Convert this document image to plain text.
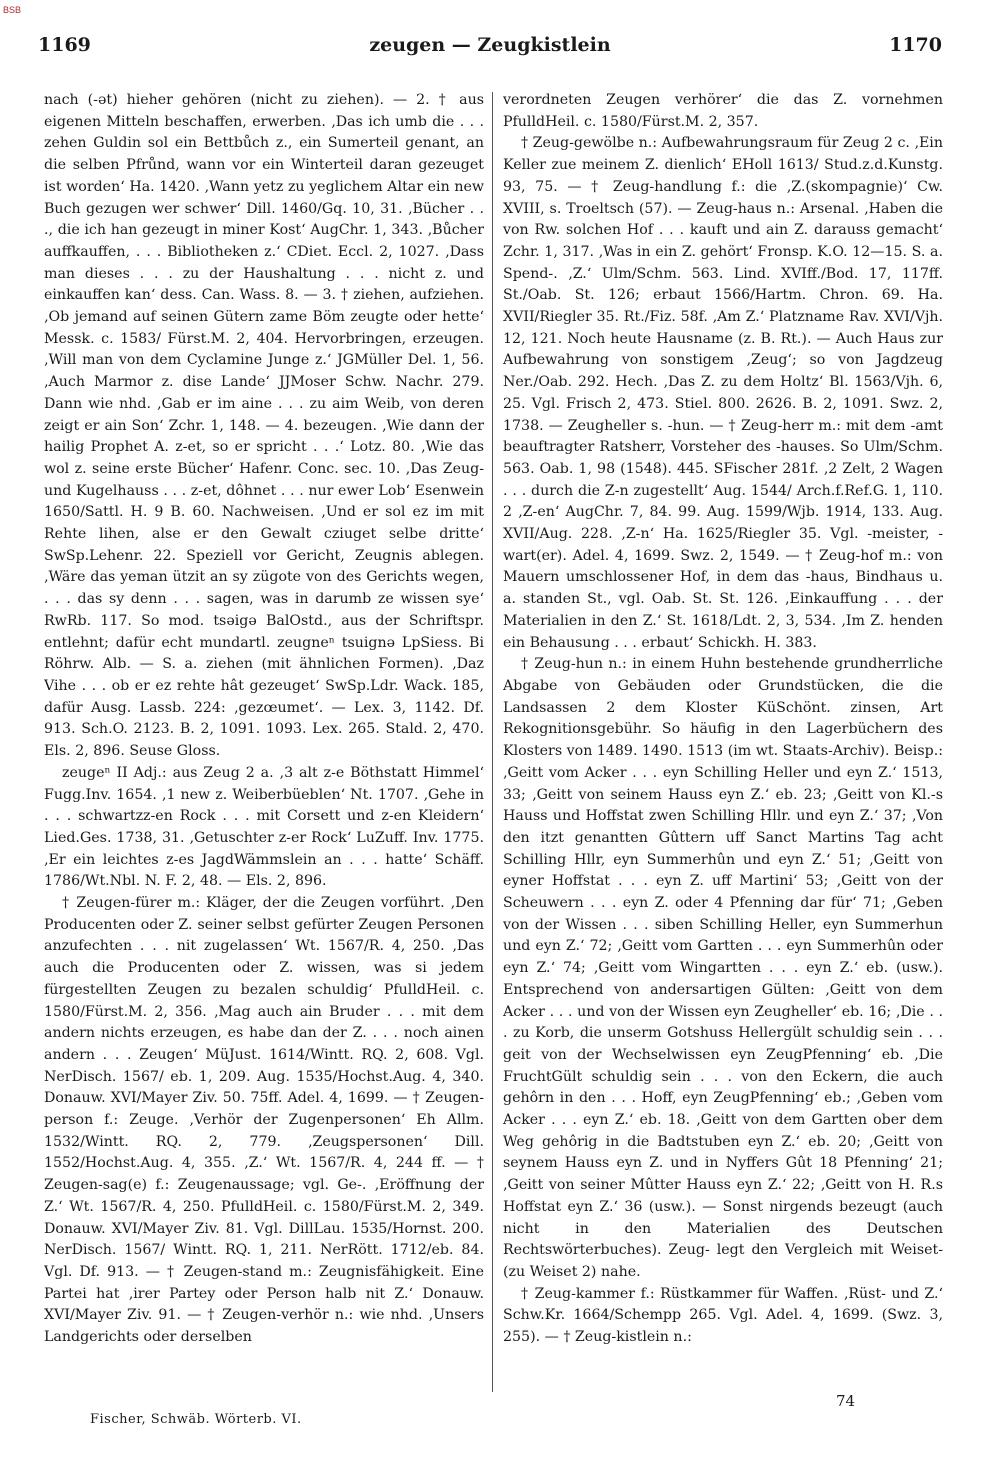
BSB
1169	zeugen — Zeugkistlein	1170

nach (-ǝt) hieher gehören (nicht zu ziehen). — 2. † aus eigenen Mitteln beschaffen, erwerben. ‚Das ich umb die . . . zehen Guldin sol ein Bettbůch z., ein Sumerteil genant, an die selben Pfrůnd, wann vor ein Winterteil daran gezeuget ist worden‘ Ha. 1420. ‚Wann yetz zu yeglichem Altar ein new Buch gezugen wer schwer‘ Dill. 1460/Gq. 10, 31. ‚Bücher . . ., die ich han gezeugt in miner Kost‘ AugChr. 1, 343. ‚Bůcher auffkauffen, . . . Bibliotheken z.‘ CDiet. Eccl. 2, 1027. ‚Dass man dieses . . . zu der Haushaltung . . . nicht z. und einkauffen kan‘ dess. Can. Wass. 8. — 3. † ziehen, aufziehen. ‚Ob jemand auf seinen Gütern zame Böm zeugte oder hette‘ Messk. c. 1583/ Fürst.M. 2, 404. Hervorbringen, erzeugen. ‚Will man von dem Cyclamine Junge z.‘ JGMüller Del. 1, 56. ‚Auch Marmor z. dise Lande‘ JJMoser Schw. Nachr. 279. Dann wie nhd. ‚Gab er im aine . . . zu aim Weib, von deren zeigt er ain Son‘ Zchr. 1, 148. — 4. bezeugen. ‚Wie dann der hailig Prophet A. z-et, so er spricht . . .‘ Lotz. 80. ‚Wie das wol z. seine erste Bücher‘ Hafenr. Conc. sec. 10. ‚Das Zeug- und Kugelhauss . . . z-et, dôhnet . . . nur ewer Lob‘ Esenwein 1650/Sattl. H. 9 B. 60. Nachweisen. ‚Und er sol ez im mit Rehte lihen, alse er den Gewalt cziuget selbe dritte‘ SwSp.Lehenr. 22. Speziell vor Gericht, Zeugnis ablegen. ‚Wäre das yeman ützit an sy zügote von des Gerichts wegen, . . . das sy denn . . . sagen, was in darumb ze wissen sye‘ RwRb. 117. So mod. tsəigə BalOstd., aus der Schriftspr. entlehnt; dafür echt mundartl. zeugneⁿ tsuignə LpSiess. Bi Röhrw. Alb. — S. a. ziehen (mit ähnlichen Formen). ‚Daz Vihe . . . ob er ez rehte hât gezeuget‘ SwSp.Ldr. Wack. 185, dafür Ausg. Lassb. 224: ‚gezœumet‘. — Lex. 3, 1142. Df. 913. Sch.O. 2123. B. 2, 1091. 1093. Lex. 265. Stald. 2, 470. Els. 2, 896. Seuse Gloss.

zeugeⁿ II Adj.: aus Zeug 2 a. ‚3 alt z-e Böthstatt Himmel‘ Fugg.Inv. 1654. ‚1 new z. Weiberbüeblen‘ Nt. 1707. ‚Gehe in . . . schwartzz-en Rock . . . mit Corsett und z-en Kleidern‘ Lied.Ges. 1738, 31. ‚Getuschter z-er Rock‘ LuZuff. Inv. 1775. ‚Er ein leichtes z-es JagdWämmslein an . . . hatte‘ Schäff. 1786/Wt.Nbl. N. F. 2, 48. — Els. 2, 896.

† Zeugen-fürer m.: Kläger, der die Zeugen vorführt. ‚Den Producenten oder Z. seiner selbst gefürter Zeugen Personen anzufechten . . . nit zugelassen‘ Wt. 1567/R. 4, 250. ‚Das auch die Producenten oder Z. wissen, was si jedem fürgestellten Zeugen zu bezalen schuldig‘ PfulldHeil. c. 1580/Fürst.M. 2, 356. ‚Mag auch ain Bruder . . . mit dem andern nichts erzeugen, es habe dan der Z. . . . noch ainen andern . . . Zeugen‘ MüJust. 1614/Wintt. RQ. 2, 608. Vgl. NerDisch. 1567/ eb. 1, 209. Aug. 1535/Hochst.Aug. 4, 340. Donauw. XVI/Mayer Ziv. 50. 75ff. Adel. 4, 1699. — † Zeugen-person f.: Zeuge. ‚Verhör der Zugenpersonen‘ Eh Allm. 1532/Wintt. RQ. 2, 779. ‚Zeugspersonen‘ Dill. 1552/Hochst.Aug. 4, 355. ‚Z.‘ Wt. 1567/R. 4, 244 ff. — † Zeugen-sag(e) f.: Zeugenaussage; vgl. Ge-. ‚Eröffnung der Z.‘ Wt. 1567/R. 4, 250. PfulldHeil. c. 1580/Fürst.M. 2, 349. Donauw. XVI/Mayer Ziv. 81. Vgl. DillLau. 1535/Hornst. 200. NerDisch. 1567/ Wintt. RQ. 1, 211. NerRött. 1712/eb. 84. Vgl. Df. 913. — † Zeugen-stand m.: Zeugnisfähigkeit. Eine Partei hat ‚irer Partey oder Person halb nit Z.‘ Donauw. XVI/Mayer Ziv. 91. — † Zeugen-verhör n.: wie nhd. ‚Unsers Landgerichts oder derselben

verordneten Zeugen verhörer‘ die das Z. vornehmen PfulldHeil. c. 1580/Fürst.M. 2, 357.

† Zeug-gewölbe n.: Aufbewahrungsraum für Zeug 2 c. ‚Ein Keller zue meinem Z. dienlich‘ EHoll 1613/ Stud.z.d.Kunstg. 93, 75. — † Zeug-handlung f.: die ‚Z.(skompagnie)‘ Cw. XVIII, s. Troeltsch (57). — Zeug-haus n.: Arsenal. ‚Haben die von Rw. solchen Hof . . . kauft und ain Z. darauss gemacht‘ Zchr. 1, 317. ‚Was in ein Z. gehört‘ Fronsp. K.O. 12—15. S. a. Spend-. ‚Z.‘ Ulm/Schm. 563. Lind. XVIff./Bod. 17, 117ff. St./Oab. St. 126; erbaut 1566/Hartm. Chron. 69. Ha. XVII/Riegler 35. Rt./Fiz. 58f. ‚Am Z.‘ Platzname Rav. XVI/Vjh. 12, 121. Noch heute Hausname (z. B. Rt.). — Auch Haus zur Aufbewahrung von sonstigem ‚Zeug‘; so von Jagdzeug Ner./Oab. 292. Hech. ‚Das Z. zu dem Holtz‘ Bl. 1563/Vjh. 6, 25. Vgl. Frisch 2, 473. Stiel. 800. 2626. B. 2, 1091. Swz. 2, 1738. — Zeugheller s. -hun. — † Zeug-herr m.: mit dem -amt beauftragter Ratsherr, Vorsteher des -hauses. So Ulm/Schm. 563. Oab. 1, 98 (1548). 445. SFischer 281f. ‚2 Zelt, 2 Wagen . . . durch die Z-n zugestellt‘ Aug. 1544/ Arch.f.Ref.G. 1, 110. 2 ‚Z-en‘ AugChr. 7, 84. 99. Aug. 1599/Wjb. 1914, 133. Aug. XVII/Aug. 228. ‚Z-n‘ Ha. 1625/Riegler 35. Vgl. -meister, -wart(er). Adel. 4, 1699. Swz. 2, 1549. — † Zeug-hof m.: von Mauern umschlossener Hof, in dem das -haus, Bindhaus u. a. standen St., vgl. Oab. St. St. 126. ‚Einkauffung . . . der Materialien in den Z.‘ St. 1618/Ldt. 2, 3, 534. ‚Im Z. henden ein Behausung . . . erbaut‘ Schickh. H. 383.

† Zeug-hun n.: in einem Huhn bestehende grundherrliche Abgabe von Gebäuden oder Grundstücken, die die Landsassen 2 dem Kloster KüSchönt. zinsen, Art Rekognitionsgebühr. So häufig in den Lagerbüchern des Klosters von 1489. 1490. 1513 (im wt. Staats-Archiv). Beisp.: ‚Geitt vom Acker . . . eyn Schilling Heller und eyn Z.‘ 1513, 33; ‚Geitt von seinem Hauss eyn Z.‘ eb. 23; ‚Geitt von Kl.-s Hauss und Hoffstat zwen Schilling Hllr. und eyn Z.‘ 37; ‚Von den itzt genantten Gûttern uff Sanct Martins Tag acht Schilling Hllr, eyn Summerhûn und eyn Z.‘ 51; ‚Geitt von eyner Hoffstat . . . eyn Z. uff Martini‘ 53; ‚Geitt von der Scheuwern . . . eyn Z. oder 4 Pfenning dar für‘ 71; ‚Geben von der Wissen . . . siben Schilling Heller, eyn Summerhun und eyn Z.‘ 72; ‚Geitt vom Gartten . . . eyn Summerhûn oder eyn Z.‘ 74; ‚Geitt vom Wingartten . . . eyn Z.‘ eb. (usw.). Entsprechend von andersartigen Gülten: ‚Geitt von dem Acker . . . und von der Wissen eyn Zeugheller‘ eb. 16; ‚Die . . . zu Korb, die unserm Gotshuss Hellergült schuldig sein . . . geit von der Wechselwissen eyn ZeugPfenning‘ eb. ‚Die FruchtGült schuldig sein . . . von den Eckern, die auch gehôrn in den . . . Hoff, eyn ZeugPfenning‘ eb.; ‚Geben vom Acker . . . eyn Z.‘ eb. 18. ‚Geitt von dem Gartten ober dem Weg gehôrig in die Badtstuben eyn Z.‘ eb. 20; ‚Geitt von seynem Hauss eyn Z. und in Nyffers Gût 18 Pfenning‘ 21; ‚Geitt von seiner Mûtter Hauss eyn Z.‘ 22; ‚Geitt von H. R.s Hoffstat eyn Z.‘ 36 (usw.). — Sonst nirgends bezeugt (auch nicht in den Materialien des Deutschen Rechtswörterbuches). Zeug- legt den Vergleich mit Weiset- (zu Weiset 2) nahe.

† Zeug-kammer f.: Rüstkammer für Waffen. ‚Rüst- und Z.‘ Schw.Kr. 1664/Schempp 265. Vgl. Adel. 4, 1699. (Swz. 3, 255). — † Zeug-kistlein n.:

Fischer, Schwäb. Wörterb. VI.
74
